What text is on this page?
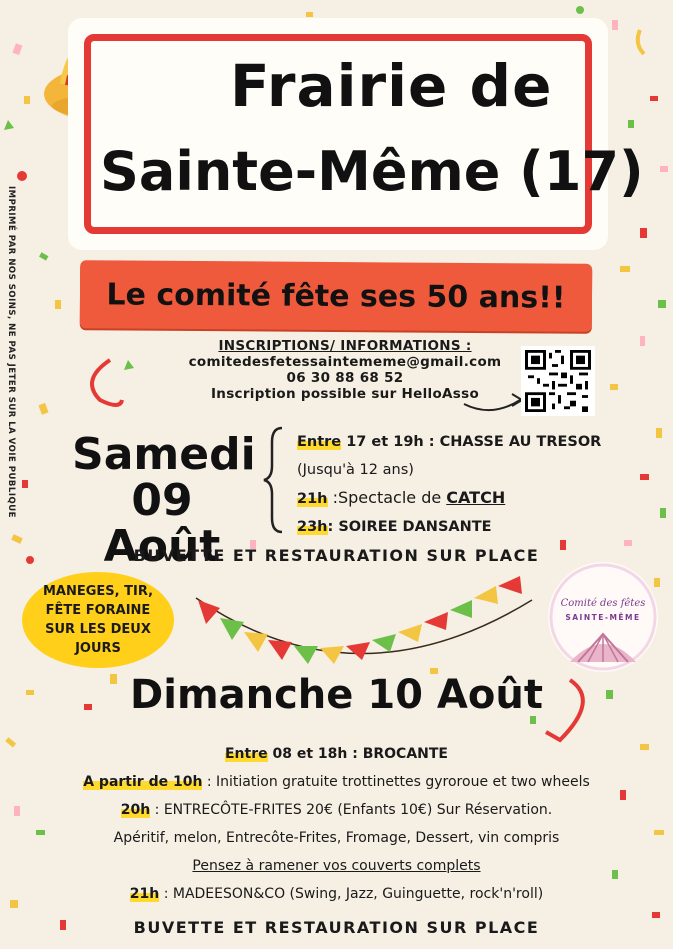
Frairie de
Sainte-Même (17)
Le comité fête ses 50 ans!!
IMPRIMÉ PAR NOS SOINS, NE PAS JETER SUR LA VOIE PUBLIQUE	INSCRIPTIONS/ INFORMATIONS :
comitedesfetessaintememe@gmail.com
06 30 88 68 52
Inscription possible sur HelloAsso
Samedi
09 Août
Entre 17 et 19h : CHASSE AU TRESOR
(Jusqu'à 12 ans)
21h :Spectacle de CATCH
23h: SOIREE DANSANTE
BUVETTE ET RESTAURATION SUR PLACE
MANEGES, TIR,
FÊTE FORAINE
SUR LES DEUX
JOURS
Comité des fêtes
SAINTE-MÊME
Dimanche 10 Août
Entre 08 et 18h : BROCANTE
A partir de 10h : Initiation gratuite trottinettes gyroroue et two wheels
20h : ENTRECÔTE-FRITES 20€ (Enfants 10€) Sur Réservation.
Apéritif, melon, Entrecôte-Frites, Fromage, Dessert, vin compris
Pensez à ramener vos couverts complets
21h : MADEESON&CO (Swing, Jazz, Guinguette, rock'n'roll)
BUVETTE ET RESTAURATION SUR PLACE
